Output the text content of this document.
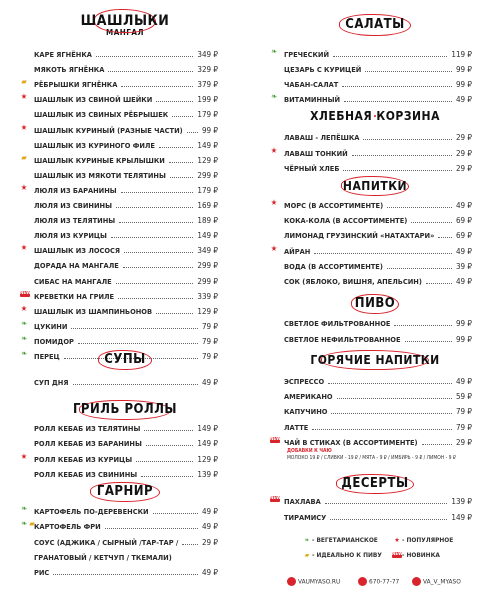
ШАШЛЫКИ
МАНГАЛ
КАРЕ ЯГНЁНКА	349 ₽
МЯКОТЬ ЯГНЁНКА	329 ₽
РЁБРЫШКИ ЯГНЁНКА	379 ₽
▰
ШАШЛЫК ИЗ СВИНОЙ ШЕЙКИ	199 ₽
★
ШАШЛЫК ИЗ СВИНЫХ РЁБРЫШЕК	179 ₽
ШАШЛЫК КУРИНЫЙ (РАЗНЫЕ ЧАСТИ) 99 ₽
★
ШАШЛЫК ИЗ КУРИНОГО ФИЛЕ	149 ₽
ШАШЛЫК КУРИНЫЕ КРЫЛЫШКИ	129 ₽
▰
ШАШЛЫК ИЗ МЯКОТИ ТЕЛЯТИНЫ	299 ₽
ЛЮЛЯ ИЗ БАРАНИНЫ	179 ₽
★
ЛЮЛЯ ИЗ СВИНИНЫ	169 ₽
ЛЮЛЯ ИЗ ТЕЛЯТИНЫ	189 ₽
ЛЮЛЯ ИЗ КУРИЦЫ	149 ₽
ШАШЛЫК ИЗ ЛОСОСЯ	349 ₽
★
ДОРАДА НА МАНГАЛЕ	299 ₽
СИБАС НА МАНГАЛЕ	299 ₽
КРЕВЕТКИ НА ГРИЛЕ	339 ₽
NEW
ШАШЛЫК ИЗ ШАМПИНЬОНОВ	129 ₽
★
ЦУКИНИ	79 ₽
❧
ПОМИДОР	79 ₽
❧
ПЕРЕЦ	79 ₽
❧	СУПЫ
СУП ДНЯ	49 ₽
ГРИЛЬ РОЛЛЫ
РОЛЛ КЕБАБ ИЗ ТЕЛЯТИНЫ	149 ₽
РОЛЛ КЕБАБ ИЗ БАРАНИНЫ	149 ₽
РОЛЛ КЕБАБ ИЗ КУРИЦЫ	129 ₽
★
РОЛЛ КЕБАБ ИЗ СВИНИНЫ	139 ₽
ГАРНИР
КАРТОФЕЛЬ ПО-ДЕРЕВЕНСКИ	49 ₽
❧
КАРТОФЕЛЬ ФРИ	49 ₽
❧ ▰
СОУС (АДЖИКА / СЫРНЫЙ /ТАР-ТАР /	29 ₽
ГРАНАТОВЫЙ / КЕТЧУП / ТКЕМАЛИ)
РИС	49 ₽
САЛАТЫ
ГРЕЧЕСКИЙ	119 ₽
❧
ЦЕЗАРЬ С КУРИЦЕЙ	99 ₽
ЧАБАН-САЛАТ	99 ₽
ВИТАМИННЫЙ	49 ₽
❧
ХЛЕБНАЯ КОРЗИНА
ЛАВАШ - ЛЕПЁШКА	29 ₽
ЛАВАШ ТОНКИЙ	29 ₽
★
ЧЁРНЫЙ ХЛЕБ	29 ₽
НАПИТКИ
МОРС (В АССОРТИМЕНТЕ)	49 ₽
★
КОКА-КОЛА (В АССОРТИМЕНТЕ)	69 ₽
ЛИМОНАД ГРУЗИНСКИЙ «НАТАХТАРИ»	69 ₽
АЙРАН	49 ₽
★
ВОДА (В АССОРТИМЕНТЕ)	39 ₽
СОК (ЯБЛОКО, ВИШНЯ, АПЕЛЬСИН)	49 ₽
ПИВО
СВЕТЛОЕ ФИЛЬТРОВАННОЕ	99 ₽
СВЕТЛОЕ НЕФИЛЬТРОВАННОЕ	99 ₽
ГОРЯЧИЕ НАПИТКИ
ЭСПРЕССО	49 ₽
АМЕРИКАНО	59 ₽
КАПУЧИНО	79 ₽
ЛАТТЕ	79 ₽
ЧАЙ В СТИКАХ (В АССОРТИМЕНТЕ)	29 ₽
NEW
ДОБАВКИ К ЧАЮ
МОЛОКО 19 ₽ / СЛИВКИ - 19 ₽ / МЯТА - 9 ₽ / ИМБИРЬ - 9 ₽ / ЛИМОН - 9 ₽
ДЕСЕРТЫ
ПАХЛАВА	139 ₽
NEW
ТИРАМИСУ	149 ₽
❧ - ВЕГЕТАРИАНСКОЕ	★ - ПОПУЛЯРНОЕ
▰ - ИДЕАЛЬНО К ПИВУ NEW- НОВИНКА
VAUMYASO.RU	670-77-77	VA_V_MYASO
